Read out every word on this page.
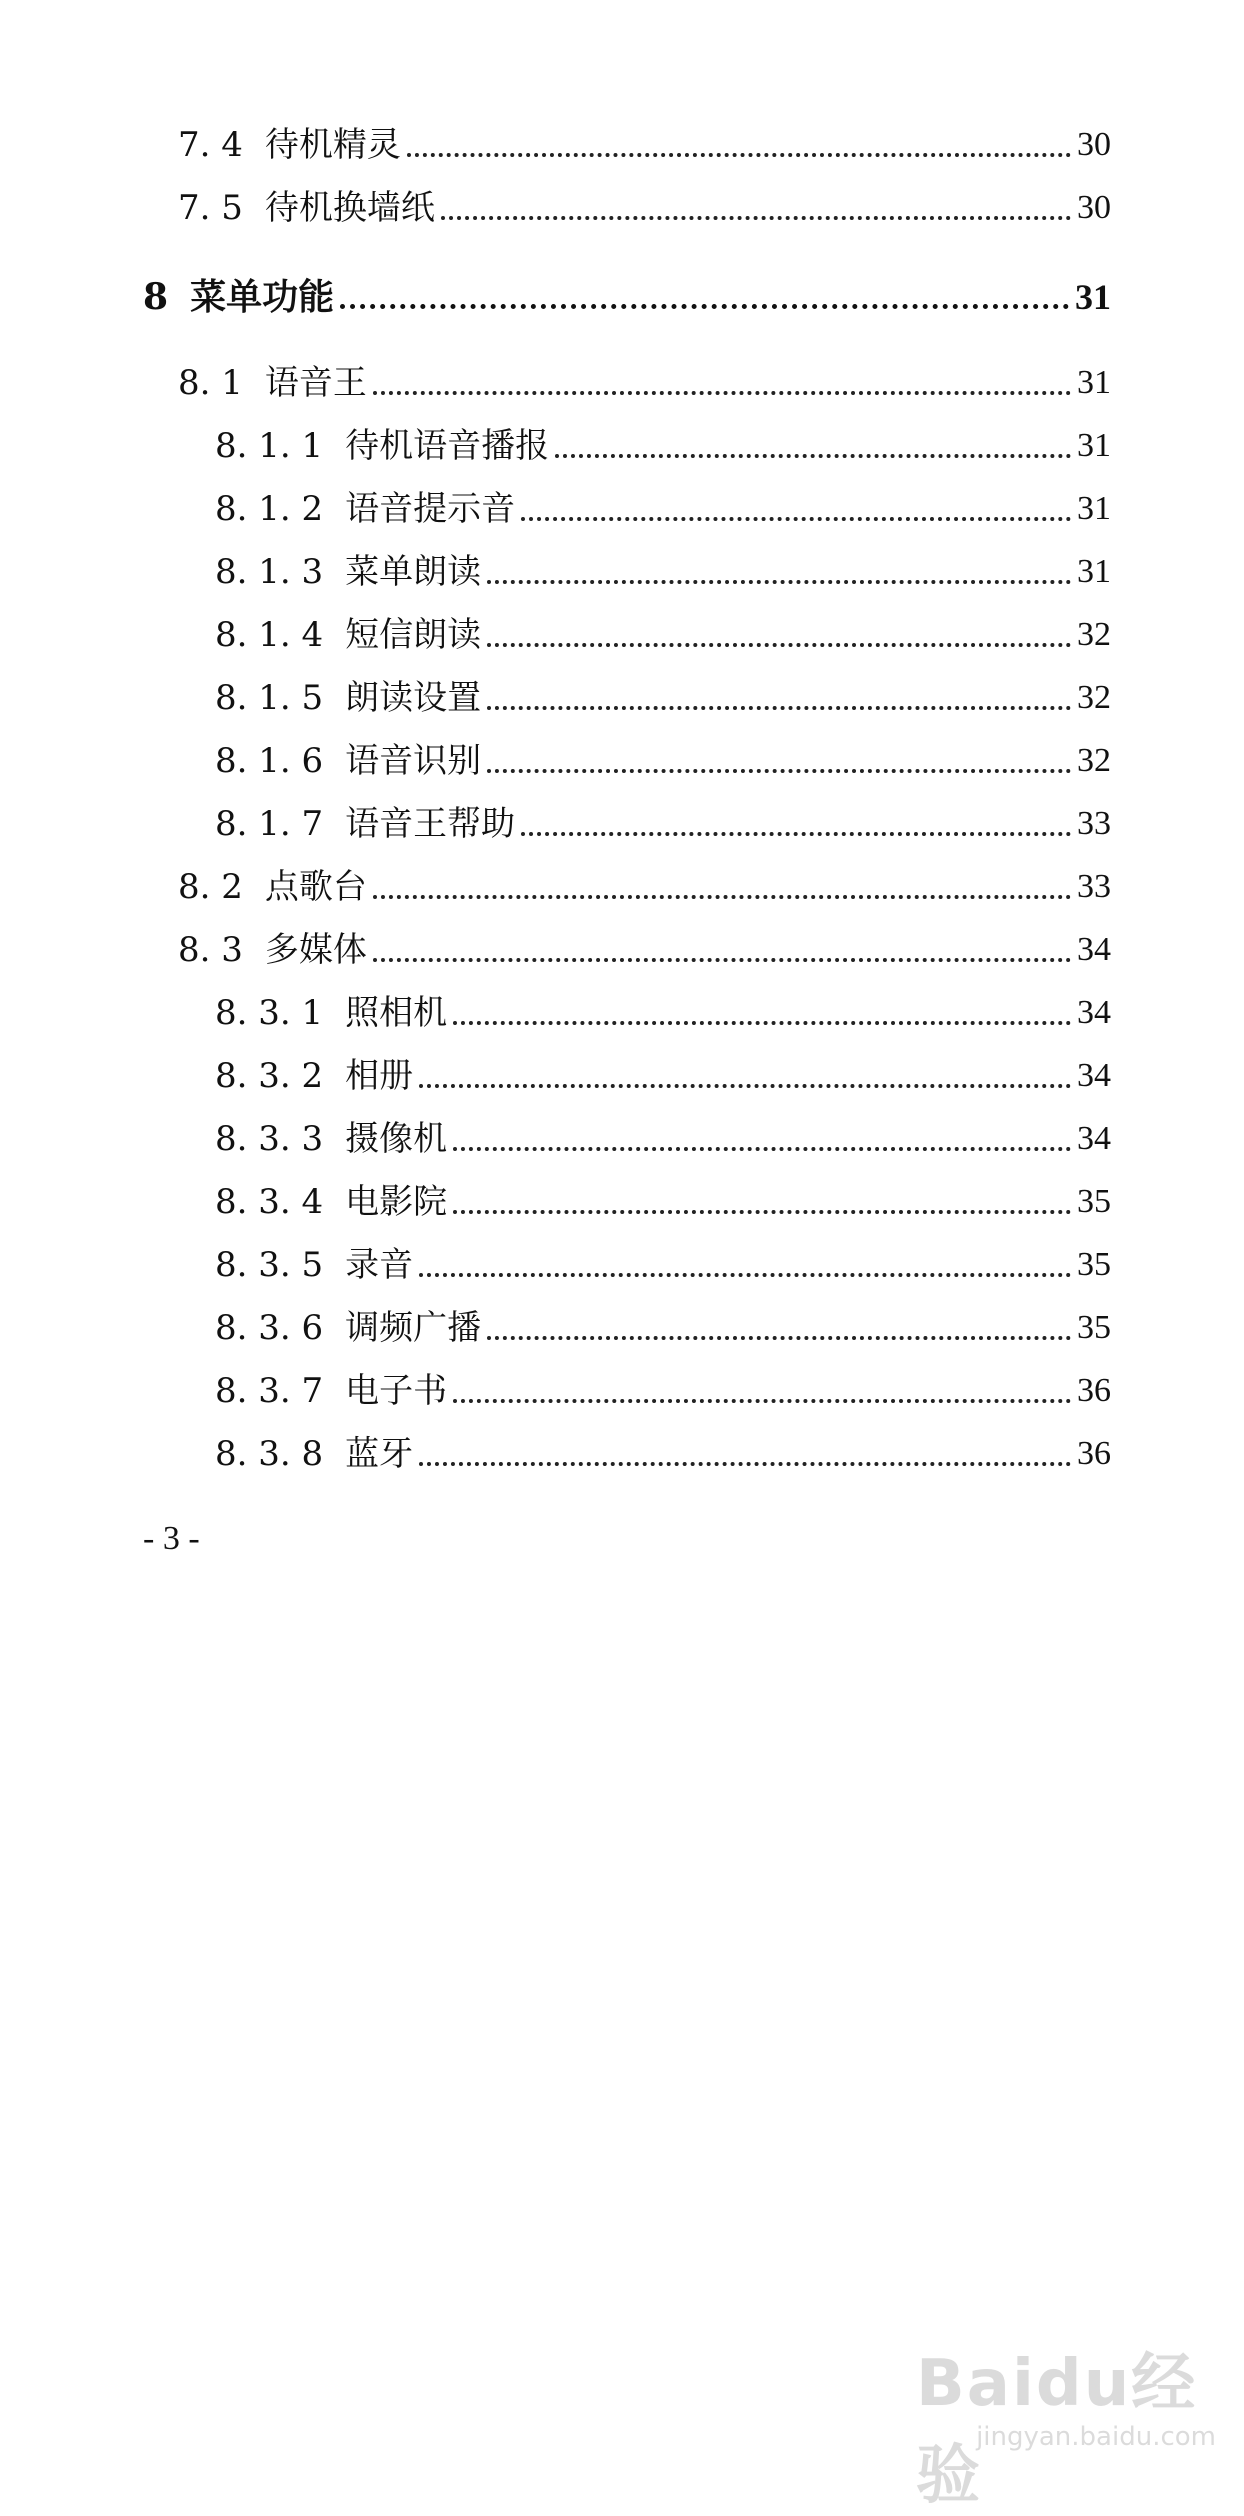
7. 4 待机精灵	30
7. 5 待机换墙纸	30
8 菜单功能	31
8. 1 语音王	31
8. 1. 1 待机语音播报	31
8. 1. 2 语音提示音	31
8. 1. 3 菜单朗读	31
8. 1. 4 短信朗读	32
8. 1. 5 朗读设置	32
8. 1. 6 语音识别	32
8. 1. 7 语音王帮助	33
8. 2 点歌台	33
8. 3 多媒体	34
8. 3. 1 照相机	34
8. 3. 2 相册	34
8. 3. 3 摄像机	34
8. 3. 4 电影院	35
8. 3. 5 录音	35
8. 3. 6 调频广播	35
8. 3. 7 电子书	36
8. 3. 8 蓝牙	36
- 3 -
Baidu经验
jingyan.baidu.com
